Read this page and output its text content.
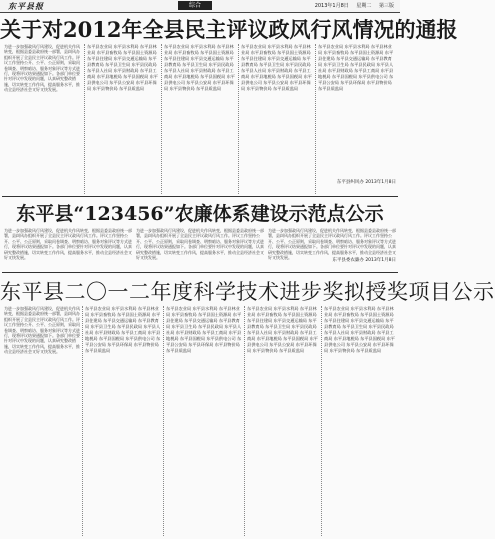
东平县报	综合	2013年1月8日 星期二 第三版
关于对2012年全县民主评议政风行风情况的通报
为进一步加强政风行风建设，促进机关作风转变，根据县委县政府统一部署，县纠风办组织开展了全县民主评议政风行风工作。评议工作坚持公开、公平、公正原则，采取问卷调查、明察暗访、服务对象评议等方式进行，现将评议结果通报如下。各部门单位要针对评议中发现的问题，认真研究整改措施，切实转变工作作风，提高服务水平，推动全县经济社会又好又快发展。
东平县农业局 东平县水利局 东平县林业局 东平县畜牧局 东平县国土资源局 东平县住建局 东平县交通运输局 东平县教育局 东平县卫生局 东平县民政局 东平县人社局 东平县财政局 东平县工商局 东平县地税局 东平县国税局 东平县供电公司 东平县公安局 东平县环保局 东平县物价局 东平县质监局
东平县农业局 东平县水利局 东平县林业局 东平县畜牧局 东平县国土资源局 东平县住建局 东平县交通运输局 东平县教育局 东平县卫生局 东平县民政局 东平县人社局 东平县财政局 东平县工商局 东平县地税局 东平县国税局 东平县供电公司 东平县公安局 东平县环保局 东平县物价局 东平县质监局
东平县农业局 东平县水利局 东平县林业局 东平县畜牧局 东平县国土资源局 东平县住建局 东平县交通运输局 东平县教育局 东平县卫生局 东平县民政局 东平县人社局 东平县财政局 东平县工商局 东平县地税局 东平县国税局 东平县供电公司 东平县公安局 东平县环保局 东平县物价局 东平县质监局
东平县农业局 东平县水利局 东平县林业局 东平县畜牧局 东平县国土资源局 东平县住建局 东平县交通运输局 东平县教育局 东平县卫生局 东平县民政局 东平县人社局 东平县财政局 东平县工商局 东平县地税局 东平县国税局 东平县供电公司 东平县公安局 东平县环保局 东平县物价局 东平县质监局
东平县纠风办 2013年1月8日
东平县“123456”农廉体系建设示范点公示
为进一步加强政风行风建设，促进机关作风转变，根据县委县政府统一部署，县纠风办组织开展了全县民主评议政风行风工作。评议工作坚持公开、公平、公正原则，采取问卷调查、明察暗访、服务对象评议等方式进行，现将评议结果通报如下。各部门单位要针对评议中发现的问题，认真研究整改措施，切实转变工作作风，提高服务水平，推动全县经济社会又好又快发展。
为进一步加强政风行风建设，促进机关作风转变，根据县委县政府统一部署，县纠风办组织开展了全县民主评议政风行风工作。评议工作坚持公开、公平、公正原则，采取问卷调查、明察暗访、服务对象评议等方式进行，现将评议结果通报如下。各部门单位要针对评议中发现的问题，认真研究整改措施，切实转变工作作风，提高服务水平，推动全县经济社会又好又快发展。
为进一步加强政风行风建设，促进机关作风转变，根据县委县政府统一部署，县纠风办组织开展了全县民主评议政风行风工作。评议工作坚持公开、公平、公正原则，采取问卷调查、明察暗访、服务对象评议等方式进行，现将评议结果通报如下。各部门单位要针对评议中发现的问题，认真研究整改措施，切实转变工作作风，提高服务水平，推动全县经济社会又好又快发展。
东平县委农廉办 2013年1月8日
东平县二〇一二年度科学技术进步奖拟授奖项目公示
为进一步加强政风行风建设，促进机关作风转变，根据县委县政府统一部署，县纠风办组织开展了全县民主评议政风行风工作。评议工作坚持公开、公平、公正原则，采取问卷调查、明察暗访、服务对象评议等方式进行，现将评议结果通报如下。各部门单位要针对评议中发现的问题，认真研究整改措施，切实转变工作作风，提高服务水平，推动全县经济社会又好又快发展。
东平县农业局 东平县水利局 东平县林业局 东平县畜牧局 东平县国土资源局 东平县住建局 东平县交通运输局 东平县教育局 东平县卫生局 东平县民政局 东平县人社局 东平县财政局 东平县工商局 东平县地税局 东平县国税局 东平县供电公司 东平县公安局 东平县环保局 东平县物价局 东平县质监局
东平县农业局 东平县水利局 东平县林业局 东平县畜牧局 东平县国土资源局 东平县住建局 东平县交通运输局 东平县教育局 东平县卫生局 东平县民政局 东平县人社局 东平县财政局 东平县工商局 东平县地税局 东平县国税局 东平县供电公司 东平县公安局 东平县环保局 东平县物价局 东平县质监局
东平县农业局 东平县水利局 东平县林业局 东平县畜牧局 东平县国土资源局 东平县住建局 东平县交通运输局 东平县教育局 东平县卫生局 东平县民政局 东平县人社局 东平县财政局 东平县工商局 东平县地税局 东平县国税局 东平县供电公司 东平县公安局 东平县环保局 东平县物价局 东平县质监局
东平县农业局 东平县水利局 东平县林业局 东平县畜牧局 东平县国土资源局 东平县住建局 东平县交通运输局 东平县教育局 东平县卫生局 东平县民政局 东平县人社局 东平县财政局 东平县工商局 东平县地税局 东平县国税局 东平县供电公司 东平县公安局 东平县环保局 东平县物价局 东平县质监局
